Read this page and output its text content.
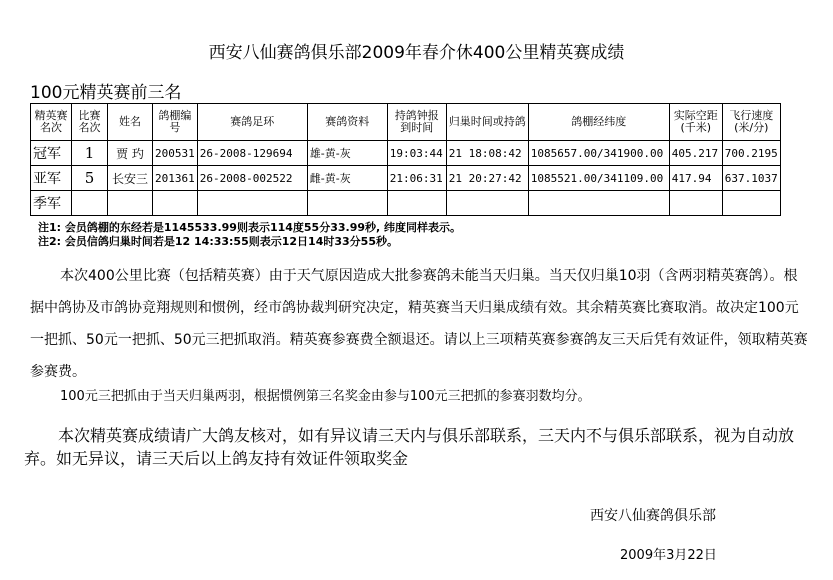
西安八仙赛鸽俱乐部2009年春介休400公里精英赛成绩
100元精英赛前三名
精英赛名次	比赛名次	姓名	鸽棚编号	赛鸽足环	赛鸽资料	持鸽钟报到时间	归巢时间或持鸽	鸽棚经纬度	实际空距(千米)	飞行速度(米/分)
冠军	1	贾 玓	200531	26-2008-129694	雄-黄-灰	19:03:44	21 18:08:42	1085657.00/341900.00	405.217	700.2195
亚军	5	长安三	201361	26-2008-002522	雌-黄-灰	21:06:31	21 20:27:42	1085521.00/341109.00	417.94	637.1037
季军										
注1: 会员鸽棚的东经若是1145533.99则表示114度55分33.99秒, 纬度同样表示。
注2: 会员信鸽归巢时间若是12 14:33:55则表示12日14时33分55秒。
本次400公里比赛（包括精英赛）由于天气原因造成大批参赛鸽未能当天归巢。当天仅归巢10羽（含两羽精英赛鸽）。根据中鸽协及市鸽协竞翔规则和惯例，经市鸽协裁判研究决定，精英赛当天归巢成绩有效。其余精英赛比赛取消。故决定100元一把抓、50元一把抓、50元三把抓取消。精英赛参赛费全额退还。请以上三项精英赛参赛鸽友三天后凭有效证件，领取精英赛参赛费。
100元三把抓由于当天归巢两羽，根据惯例第三名奖金由参与100元三把抓的参赛羽数均分。
本次精英赛成绩请广大鸽友核对，如有异议请三天内与俱乐部联系，三天内不与俱乐部联系，视为自动放弃。如无异议，请三天后以上鸽友持有效证件领取奖金
西安八仙赛鸽俱乐部
2009年3月22日
